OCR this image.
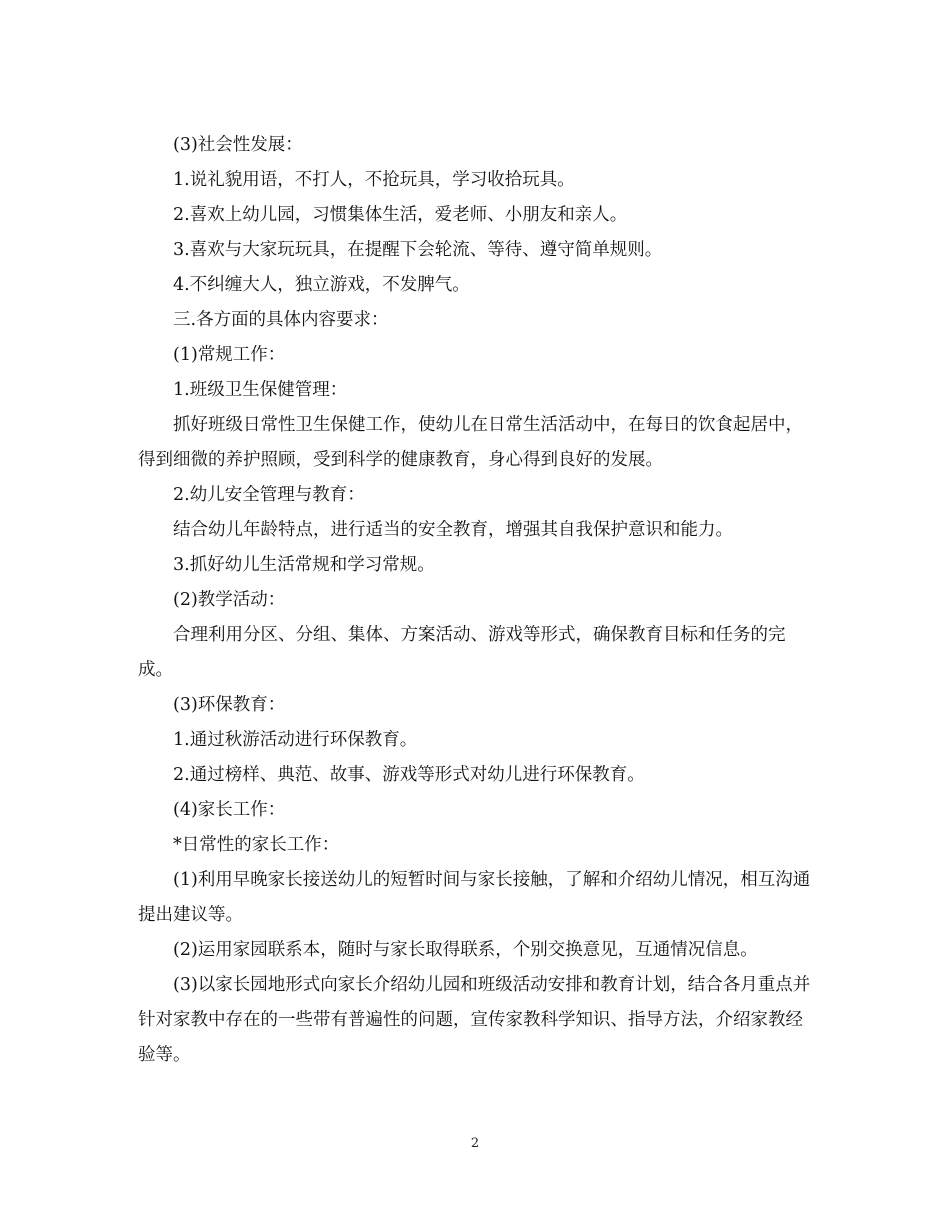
(3)社会性发展：

1.说礼貌用语，不打人，不抢玩具，学习收拾玩具。

2.喜欢上幼儿园，习惯集体生活，爱老师、小朋友和亲人。

3.喜欢与大家玩玩具，在提醒下会轮流、等待、遵守简单规则。

4.不纠缠大人，独立游戏，不发脾气。

三.各方面的具体内容要求：

(1)常规工作：

1.班级卫生保健管理：

抓好班级日常性卫生保健工作，使幼儿在日常生活活动中，在每日的饮食起居中，得到细微的养护照顾，受到科学的健康教育，身心得到良好的发展。

2.幼儿安全管理与教育：

结合幼儿年龄特点，进行适当的安全教育，增强其自我保护意识和能力。

3.抓好幼儿生活常规和学习常规。

(2)教学活动：

合理利用分区、分组、集体、方案活动、游戏等形式，确保教育目标和任务的完成。

(3)环保教育：

1.通过秋游活动进行环保教育。

2.通过榜样、典范、故事、游戏等形式对幼儿进行环保教育。

(4)家长工作：

*日常性的家长工作：

(1)利用早晚家长接送幼儿的短暂时间与家长接触，了解和介绍幼儿情况，相互沟通提出建议等。

(2)运用家园联系本，随时与家长取得联系，个别交换意见，互通情况信息。

(3)以家长园地形式向家长介绍幼儿园和班级活动安排和教育计划，结合各月重点并针对家教中存在的一些带有普遍性的问题，宣传家教科学知识、指导方法，介绍家教经验等。

2
